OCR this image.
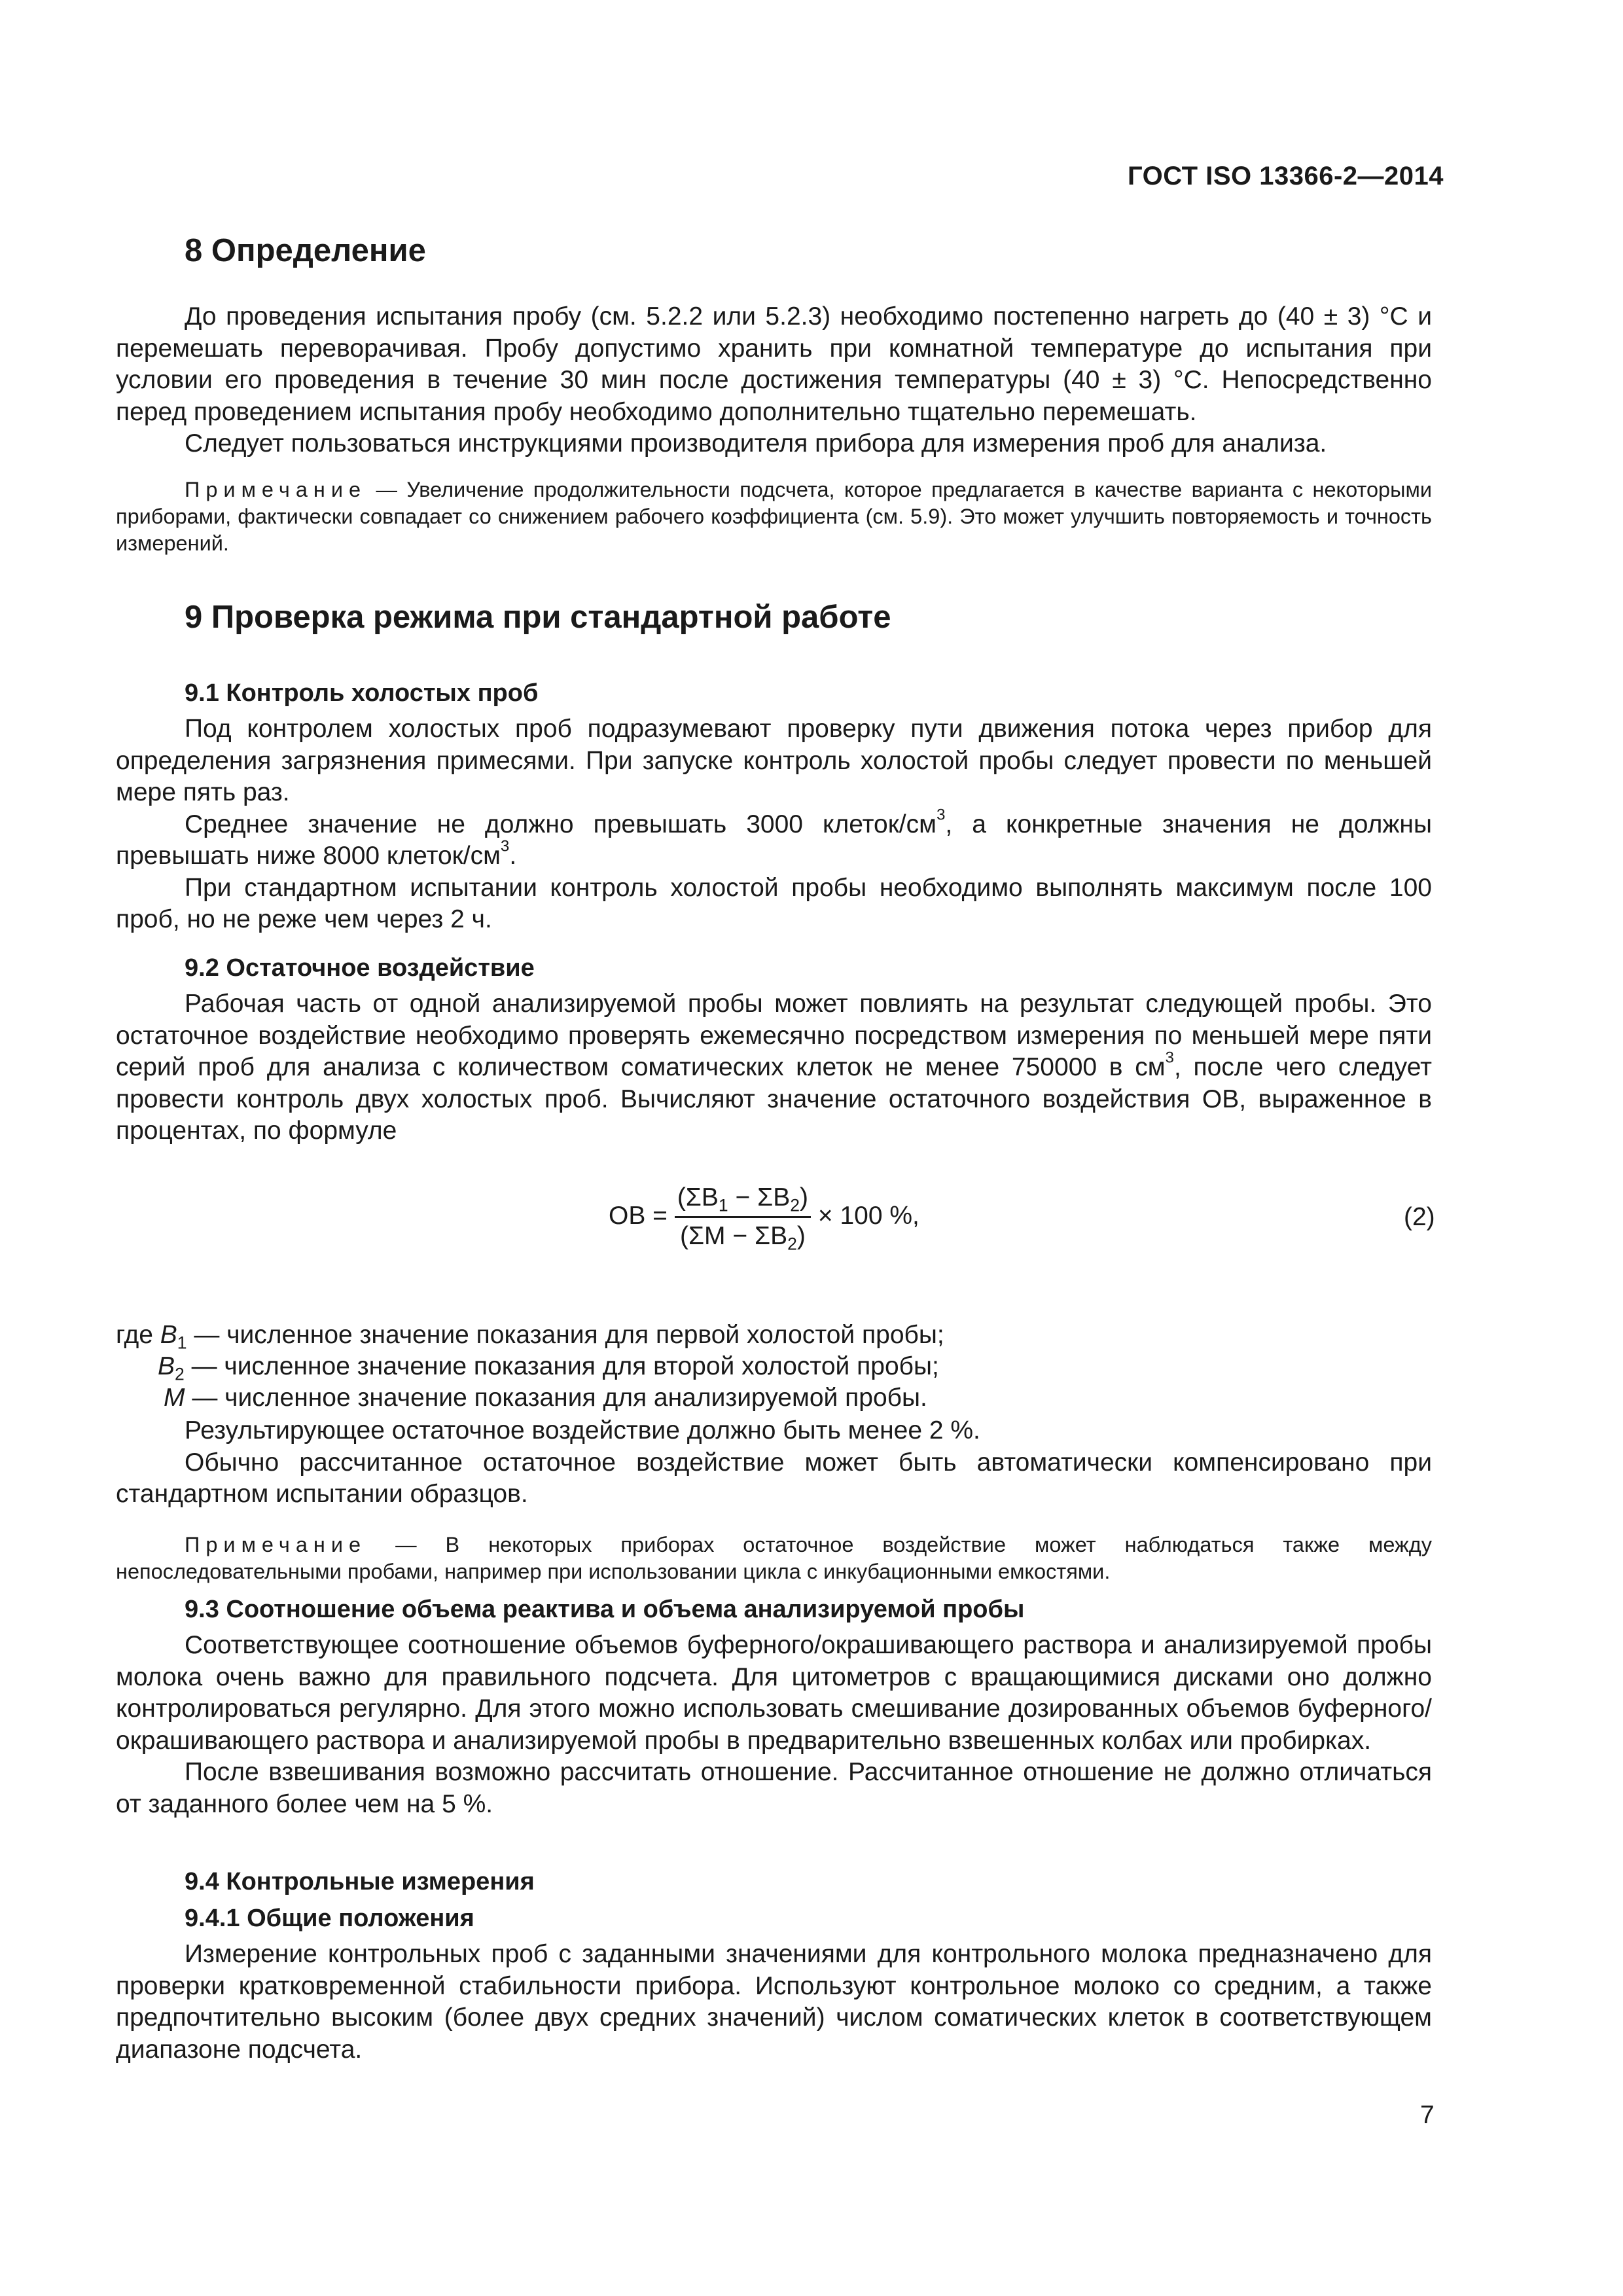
ГОСТ ISO 13366-2—2014
8 Определение

До проведения испытания пробу (см. 5.2.2 или 5.2.3) необходимо постепенно нагреть до (40 ± 3) °С и перемешать переворачивая. Пробу допустимо хранить при комнатной температуре до испытания при условии его проведения в течение 30 мин после достижения температуры (40 ± 3) °С. Непосредственно перед проведением испытания пробу необходимо дополнительно тщательно перемешать.

Следует пользоваться инструкциями производителя прибора для измерения проб для анализа.

Примечание — Увеличение продолжительности подсчета, которое предлагается в качестве варианта с некоторыми приборами, фактически совпадает со снижением рабочего коэффициента (см. 5.9). Это может улучшить повторяемость и точность измерений.

9 Проверка режима при стандартной работе
9.1 Контроль холостых проб

Под контролем холостых проб подразумевают проверку пути движения потока через прибор для определения загрязнения примесями. При запуске контроль холостой пробы следует провести по меньшей мере пять раз.

Среднее значение не должно превышать 3000 клеток/$см^3$, а конкретные значения не должны превышать ниже 8000 клеток/$см^3$.

При стандартном испытании контроль холостой пробы необходимо выполнять максимум после 100 проб, но не реже чем через 2 ч.

9.2 Остаточное воздействие

Рабочая часть от одной анализируемой пробы может повлиять на результат следующей пробы. Это остаточное воздействие необходимо проверять ежемесячно посредством измерения по меньшей мере пяти серий проб для анализа с количеством соматических клеток не менее 750000 в $см^3$, после чего следует провести контроль двух холостых проб. Вычисляют значение остаточного воздействия ОВ, выраженное в процентах, по формуле

ОВ = $\frac{(\Sigma B_1 - \Sigma B_2)}{(\Sigma M - \Sigma B_2)} \times 100$ %,	(2)
где $B_1$ — численное значение показания для первой холостой пробы;
$B_2$ — численное значение показания для второй холостой пробы;
M — численное значение показания для анализируемой пробы.

Результирующее остаточное воздействие должно быть менее 2 %.

Обычно рассчитанное остаточное воздействие может быть автоматически компенсировано при стандартном испытании образцов.

Примечание — В некоторых приборах остаточное воздействие может наблюдаться также между непоследовательными пробами, например при использовании цикла с инкубационными емкостями.

9.3 Соотношение объема реактива и объема анализируемой пробы

Соответствующее соотношение объемов буферного/окрашивающего раствора и анализируемой пробы молока очень важно для правильного подсчета. Для цитометров с вращающимися дисками оно должно контролироваться регулярно. Для этого можно использовать смешивание дозированных объемов буферного/окрашивающего раствора и анализируемой пробы в предварительно взвешенных колбах или пробирках.

После взвешивания возможно рассчитать отношение. Рассчитанное отношение не должно отличаться от заданного более чем на 5 %.

9.4 Контрольные измерения
9.4.1 Общие положения

Измерение контрольных проб с заданными значениями для контрольного молока предназначено для проверки кратковременной стабильности прибора. Используют контрольное молоко со средним, а также предпочтительно высоким (более двух средних значений) числом соматических клеток в соответствующем диапазоне подсчета.

7
